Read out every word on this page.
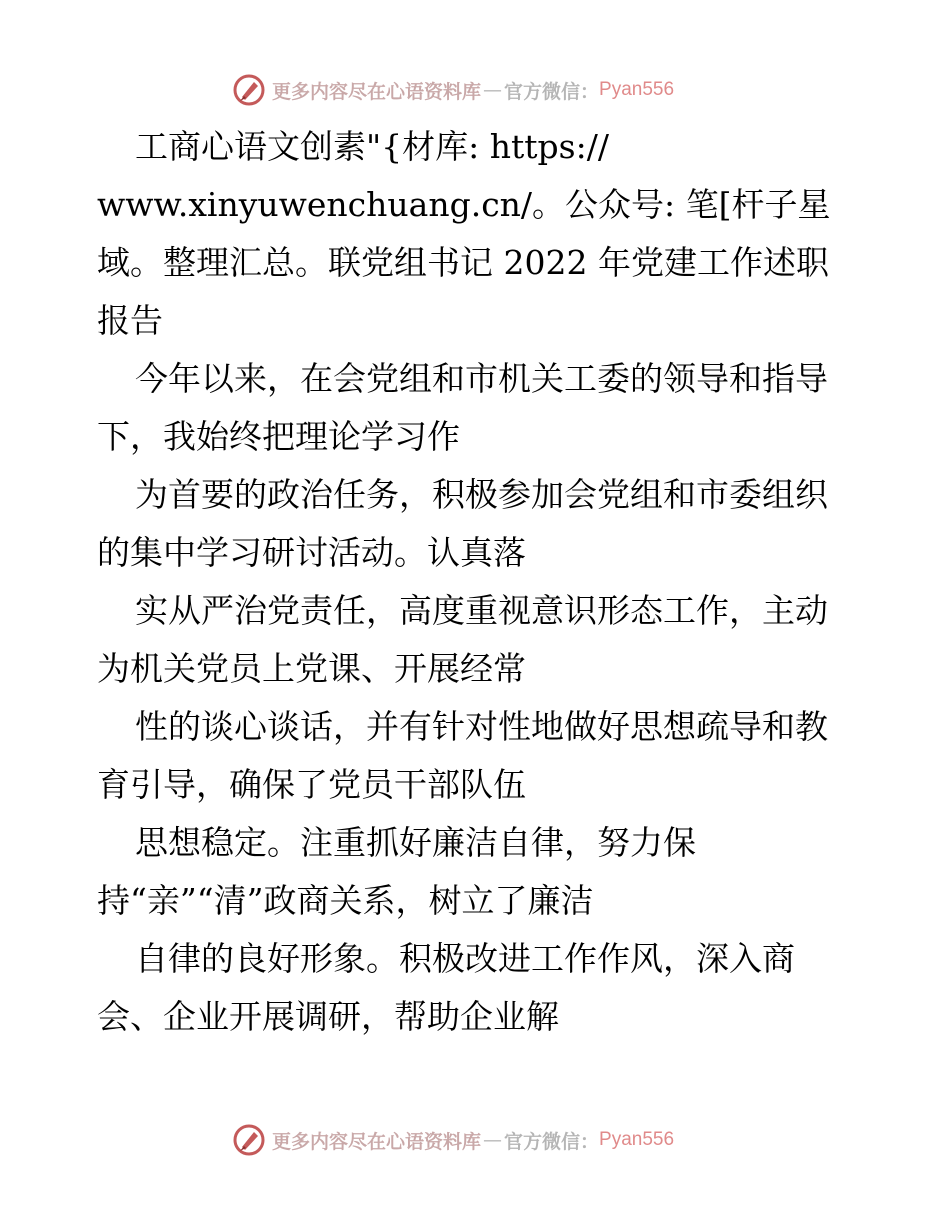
更多内容尽在心语资料库 — 官方微信： Pyan556
工商心语文创素"{材库: https://
www.xinyuwenchuang.cn/。公众号: 笔[杆子星
域。整理汇总。联党组书记 2022 年党建工作述职
报告
今年以来，在会党组和市机关工委的领导和指导
下，我始终把理论学习作
为首要的政治任务，积极参加会党组和市委组织
的集中学习研讨活动。认真落
实从严治党责任，高度重视意识形态工作，主动
为机关党员上党课、开展经常
性的谈心谈话，并有针对性地做好思想疏导和教
育引导，确保了党员干部队伍
思想稳定。注重抓好廉洁自律，努力保
持“亲”“清”政商关系，树立了廉洁
自律的良好形象。积极改进工作作风，深入商
会、企业开展调研，帮助企业解
更多内容尽在心语资料库 — 官方微信： Pyan556
